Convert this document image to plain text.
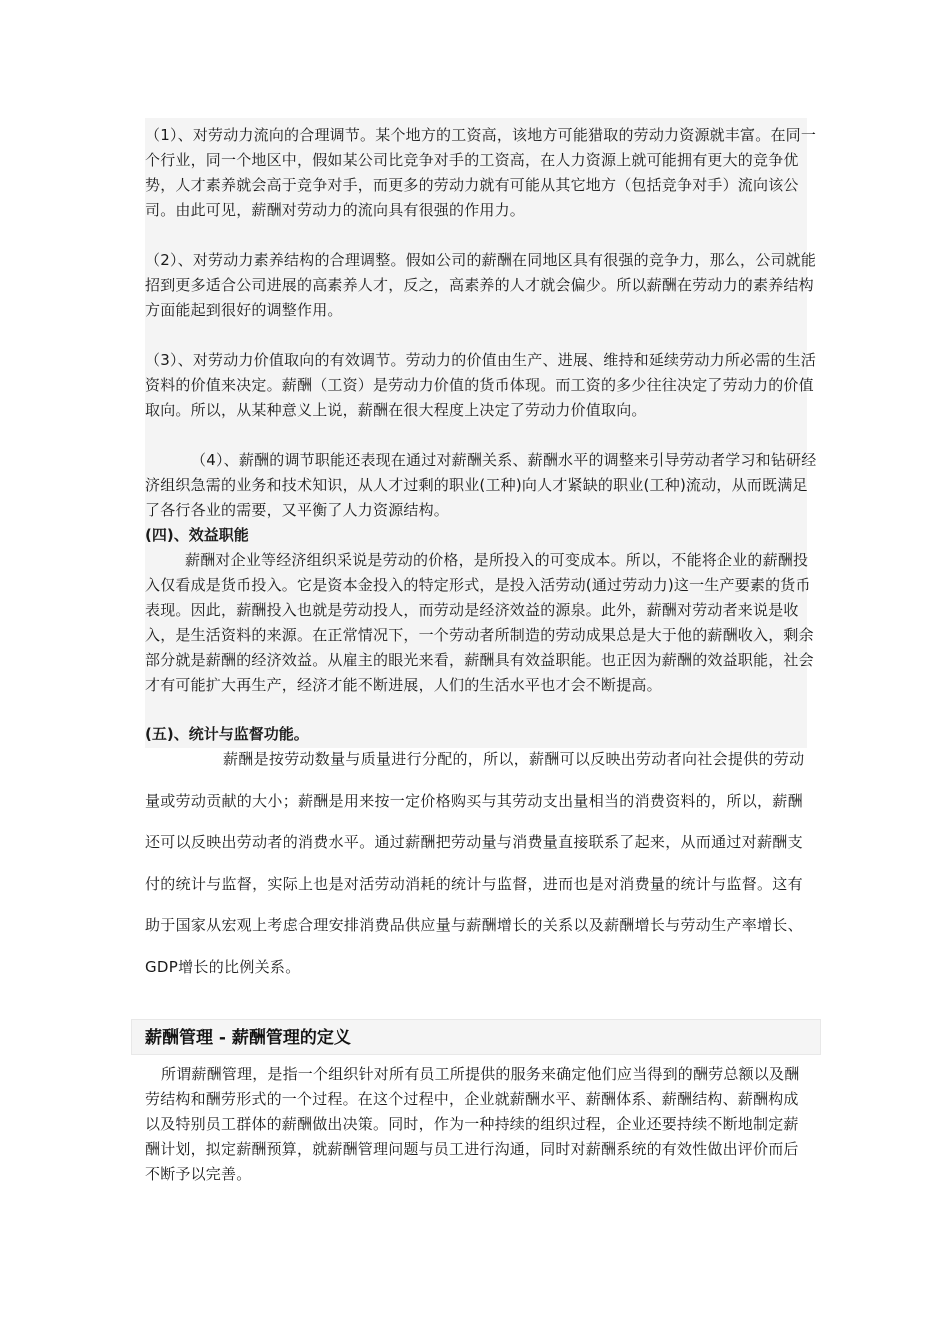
（1）、对劳动力流向的合理调节。某个地方的工资高，该地方可能猎取的劳动力资源就丰富。在同一个行业，同一个地区中，假如某公司比竞争对手的工资高，在人力资源上就可能拥有更大的竞争优势，人才素养就会高于竞争对手，而更多的劳动力就有可能从其它地方（包括竞争对手）流向该公司。由此可见，薪酬对劳动力的流向具有很强的作用力。
（2）、对劳动力素养结构的合理调整。假如公司的薪酬在同地区具有很强的竞争力，那么，公司就能招到更多适合公司进展的高素养人才，反之，高素养的人才就会偏少。所以薪酬在劳动力的素养结构方面能起到很好的调整作用。
（3）、对劳动力价值取向的有效调节。劳动力的价值由生产、进展、维持和延续劳动力所必需的生活资料的价值来决定。薪酬（工资）是劳动力价值的货币体现。而工资的多少往往决定了劳动力的价值取向。所以，从某种意义上说，薪酬在很大程度上决定了劳动力价值取向。
（4）、薪酬的调节职能还表现在通过对薪酬关系、薪酬水平的调整来引导劳动者学习和钻研经济组织急需的业务和技术知识，从人才过剩的职业(工种)向人才紧缺的职业(工种)流动，从而既满足了各行各业的需要，又平衡了人力资源结构。
(四)、效益职能
薪酬对企业等经济组织采说是劳动的价格，是所投入的可变成本。所以，不能将企业的薪酬投入仅看成是货币投入。它是资本金投入的特定形式，是投入活劳动(通过劳动力)这一生产要素的货币表现。因此，薪酬投入也就是劳动投人，而劳动是经济效益的源泉。此外，薪酬对劳动者来说是收入，是生活资料的来源。在正常情况下，一个劳动者所制造的劳动成果总是大于他的薪酬收入，剩余部分就是薪酬的经济效益。从雇主的眼光来看，薪酬具有效益职能。也正因为薪酬的效益职能，社会才有可能扩大再生产，经济才能不断进展，人们的生活水平也才会不断提高。
(五)、统计与监督功能。
薪酬是按劳动数量与质量进行分配的，所以，薪酬可以反映出劳动者向社会提供的劳动量或劳动贡献的大小；薪酬是用来按一定价格购买与其劳动支出量相当的消费资料的，所以，薪酬还可以反映出劳动者的消费水平。通过薪酬把劳动量与消费量直接联系了起来，从而通过对薪酬支付的统计与监督，实际上也是对活劳动消耗的统计与监督，进而也是对消费量的统计与监督。这有助于国家从宏观上考虑合理安排消费品供应量与薪酬增长的关系以及薪酬增长与劳动生产率增长、GDP增长的比例关系。
薪酬管理 - 薪酬管理的定义
所谓薪酬管理，是指一个组织针对所有员工所提供的服务来确定他们应当得到的酬劳总额以及酬劳结构和酬劳形式的一个过程。在这个过程中，企业就薪酬水平、薪酬体系、薪酬结构、薪酬构成以及特别员工群体的薪酬做出决策。同时，作为一种持续的组织过程，企业还要持续不断地制定薪酬计划，拟定薪酬预算，就薪酬管理问题与员工进行沟通，同时对薪酬系统的有效性做出评价而后不断予以完善。
